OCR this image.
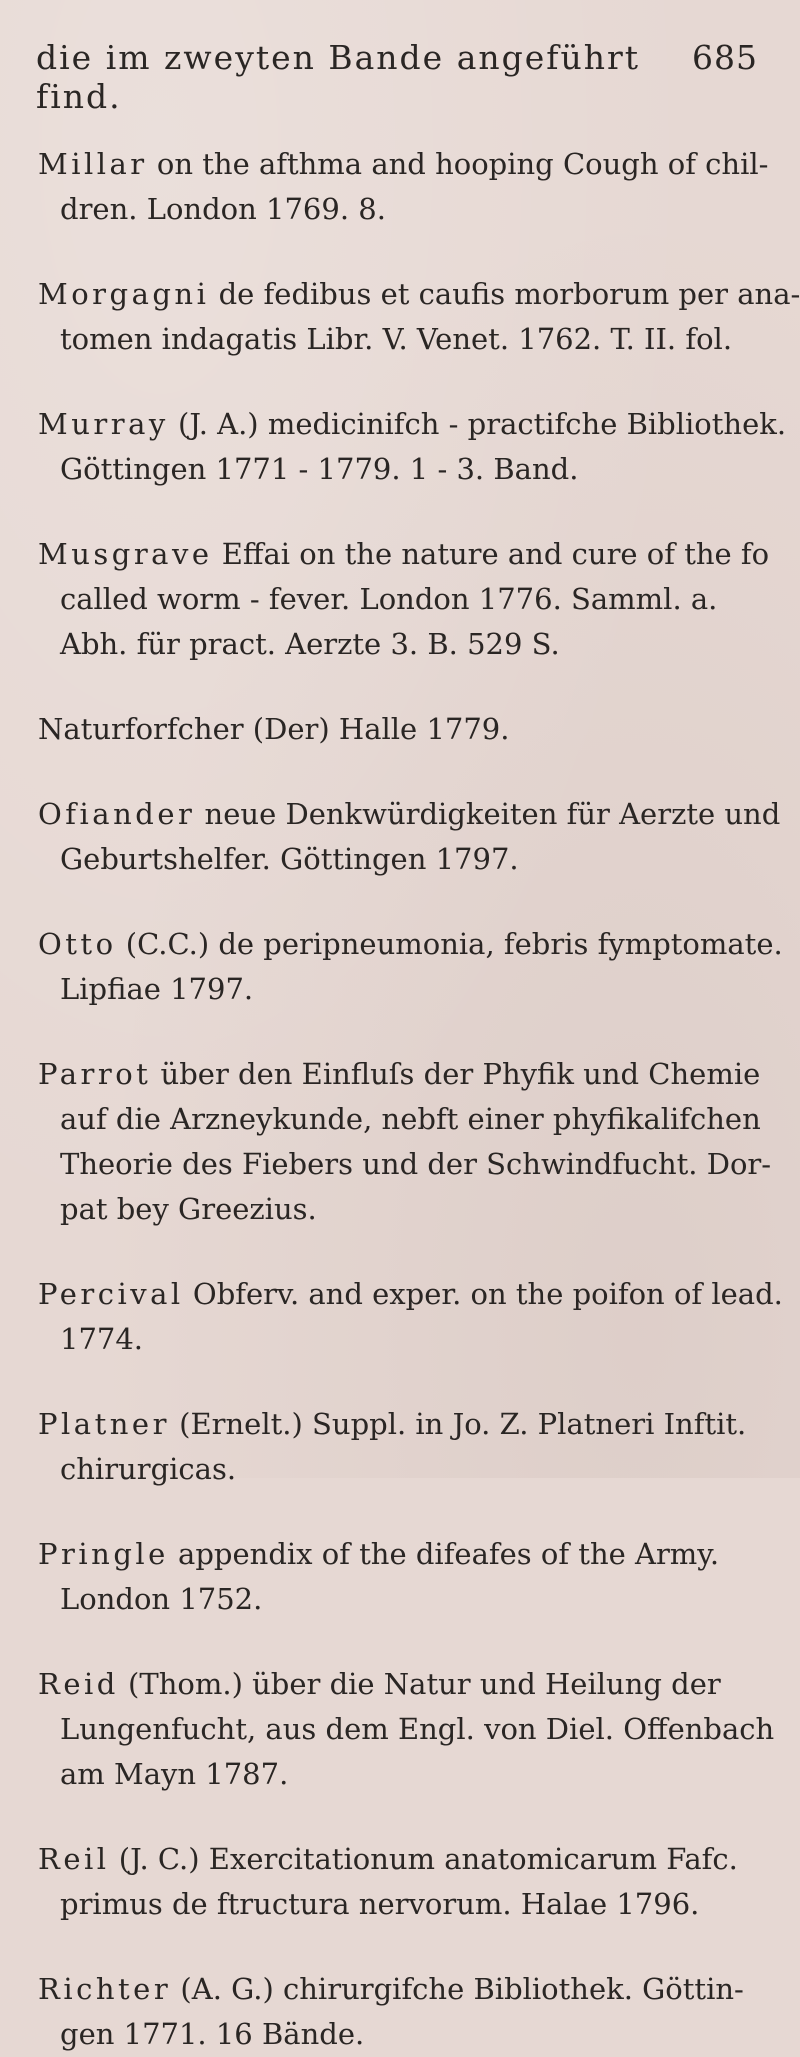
die im zweyten Bande angeführt find.
685
Millar on the afthma and hooping Cough of chil-
dren. London 1769. 8.
Morgagni de fedibus et caufis morborum per ana-
tomen indagatis Libr. V. Venet. 1762. T. II. fol.
Murray (J. A.) medicinifch - practifche Bibliothek.
Göttingen 1771 - 1779. 1 - 3. Band.
Musgrave Effai on the nature and cure of the fo
called worm - fever. London 1776. Samml. a.
Abh. für pract. Aerzte 3. B. 529 S.
Naturforfcher (Der) Halle 1779.
Ofiander neue Denkwürdigkeiten für Aerzte und
Geburtshelfer. Göttingen 1797.
Otto (C.C.) de peripneumonia, febris fymptomate.
Lipfiae 1797.
Parrot über den Einfluſs der Phyfik und Chemie
auf die Arzneykunde, nebft einer phyfikalifchen
Theorie des Fiebers und der Schwindfucht. Dor-
pat bey Greezius.
Percival Obferv. and exper. on the poifon of lead.
1774.
Platner (Ernelt.) Suppl. in Jo. Z. Platneri Inftit.
chirurgicas.
Pringle appendix of the difeafes of the Army.
London 1752.
Reid (Thom.) über die Natur und Heilung der
Lungenfucht, aus dem Engl. von Diel. Offenbach
am Mayn 1787.
Reil (J. C.) Exercitationum anatomicarum Fafc.
primus de ftructura nervorum. Halae 1796.
Richter (A. G.) chirurgifche Bibliothek. Göttin-
gen 1771. 16 Bände.
